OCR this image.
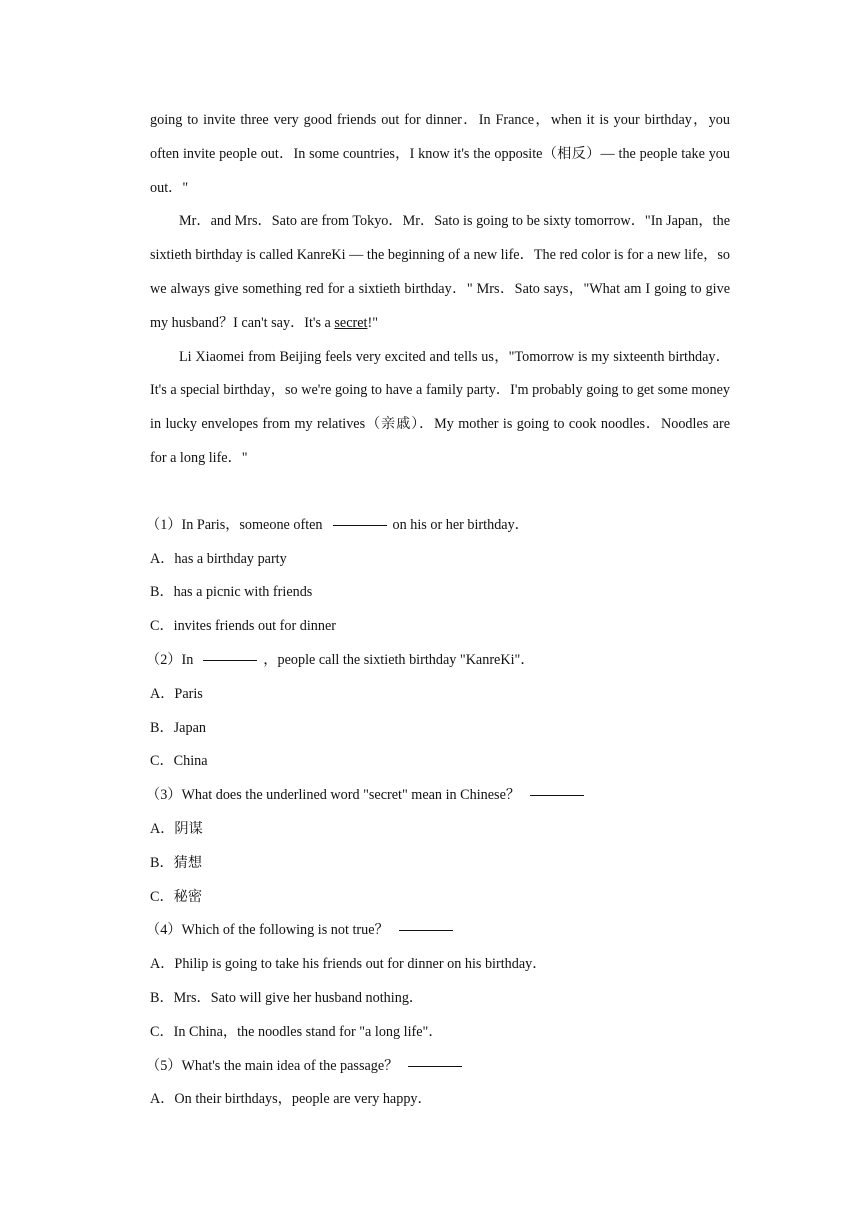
going to invite three very good friends out for dinner．In France，when it is your birthday，you often invite people out．In some countries，I know it's the opposite（相反）— the people take you out．"

Mr．and Mrs．Sato are from Tokyo．Mr．Sato is going to be sixty tomorrow．"In Japan，the sixtieth birthday is called KanreKi — the beginning of a new life．The red color is for a new life，so we always give something red for a sixtieth birthday．" Mrs．Sato says，"What am I going to give my husband？I can't say．It's a secret!"

Li Xiaomei from Beijing feels very excited and tells us，"Tomorrow is my sixteenth birthday．It's a special birthday，so we're going to have a family party．I'm probably going to get some money in lucky envelopes from my relatives（亲戚）．My mother is going to cook noodles．Noodles are for a long life．"

（1）In Paris，someone often	on his or her birthday．

A．has a birthday party

B．has a picnic with friends

C．invites friends out for dinner

（2）In	，people call the sixtieth birthday "KanreKi"．

A．Paris

B．Japan

C．China

（3）What does the underlined word "secret" mean in Chinese？

A．阴谋

B．猜想

C．秘密

（4）Which of the following is not true？

A．Philip is going to take his friends out for dinner on his birthday．

B．Mrs．Sato will give her husband nothing．

C．In China，the noodles stand for "a long life"．

（5）What's the main idea of the passage？

A．On their birthdays，people are very happy．
